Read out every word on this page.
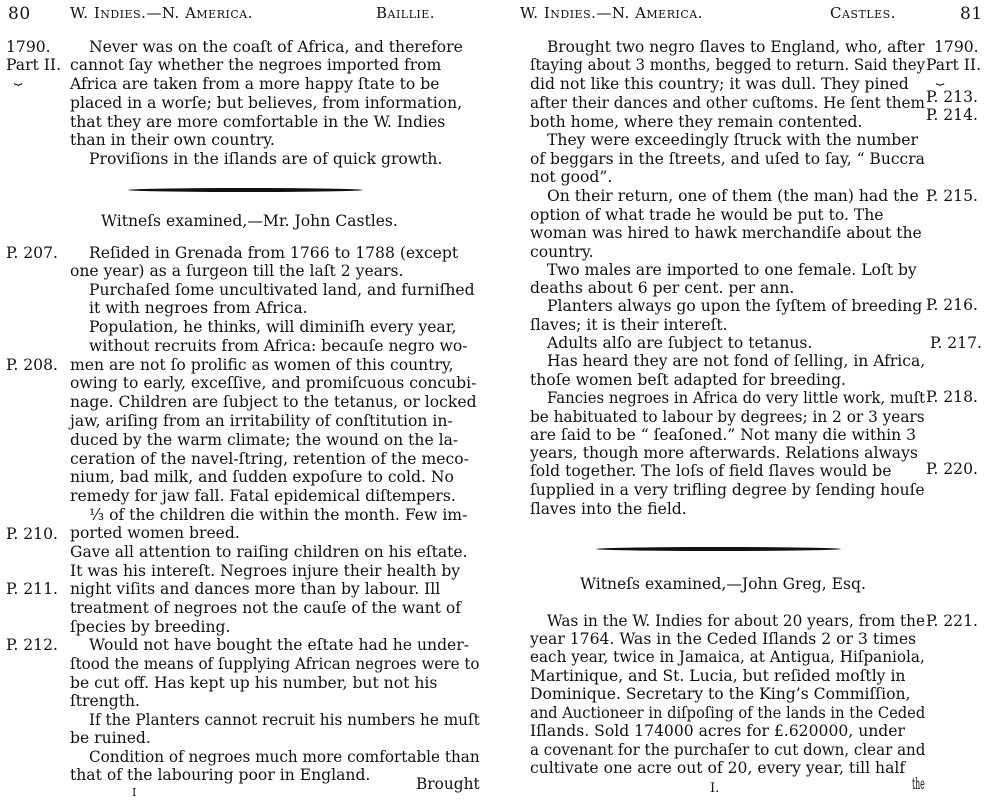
80	W. Indies.—N. America.	Baillie.
1790.
Part II.
⏟
Never was on the coaſt of Africa, and therefore
cannot ſay whether the negroes imported from
Africa are taken from a more happy ſtate to be
placed in a worſe; but believes, from information,
that they are more comfortable in the W. Indies
than in their own country.
Proviſions in the iſlands are of quick growth.
Witneſs examined,—Mr. John Castles.
P. 207.
P. 208.
P. 210.
P. 211.
P. 212.
Reſided in Grenada from 1766 to 1788 (except
one year) as a ſurgeon till the laſt 2 years.
Purchaſed ſome uncultivated land, and furniſhed
it with negroes from Africa.
Population, he thinks, will diminiſh every year,
without recruits from Africa: becauſe negro wo-
men are not ſo prolific as women of this country,
owing to early, exceſſive, and promiſcuous concubi-
nage. Children are ſubject to the tetanus, or locked
jaw, ariſing from an irritability of conſtitution in-
duced by the warm climate; the wound on the la-
ceration of the navel-ſtring, retention of the meco-
nium, bad milk, and ſudden expoſure to cold. No
remedy for jaw fall. Fatal epidemical diſtempers.
⅓ of the children die within the month. Few im-
ported women breed.
Gave all attention to raiſing children on his eſtate.
It was his intereſt. Negroes injure their health by
night viſits and dances more than by labour. Ill
treatment of negroes not the cauſe of the want of
ſpecies by breeding.
Would not have bought the eſtate had he under-
ſtood the means of ſupplying African negroes were to
be cut off. Has kept up his number, but not his
ſtrength.
If the Planters cannot recruit his numbers he muſt
be ruined.
Condition of negroes much more comfortable than
that of the labouring poor in England.
I	Brought
W. Indies.—N. America.	Castles.	81
1790.
Part II.
⏟
P. 213.
P. 214.
P. 215.
P. 216.
P. 217.
P. 218.
P. 220.
P. 221.
Brought two negro ſlaves to England, who, after
ſtaying about 3 months, begged to return. Said they
did not like this country; it was dull. They pined
after their dances and other cuſtoms. He ſent them
both home, where they remain contented.
They were exceedingly ſtruck with the number
of beggars in the ſtreets, and uſed to ſay, “ Buccra
not good”.
On their return, one of them (the man) had the
option of what trade he would be put to. The
woman was hired to hawk merchandiſe about the
country.
Two males are imported to one female. Loſt by
deaths about 6 per cent. per ann.
Planters always go upon the ſyſtem of breeding
ſlaves; it is their intereſt.
Adults alſo are ſubject to tetanus.
Has heard they are not fond of ſelling, in Africa,
thoſe women beſt adapted for breeding.
Fancies negroes in Africa do very little work, muſt
be habituated to labour by degrees; in 2 or 3 years
are ſaid to be “ ſeaſoned.” Not many die within 3
years, though more afterwards. Relations always
ſold together. The loſs of field ſlaves would be
ſupplied in a very trifling degree by ſending houſe
ſlaves into the field.
Witneſs examined,—John Greg, Esq.
Was in the W. Indies for about 20 years, from the
year 1764. Was in the Ceded Iſlands 2 or 3 times
each year, twice in Jamaica, at Antigua, Hiſpaniola,
Martinique, and St. Lucia, but reſided moſtly in
Dominique. Secretary to the King’s Commiſſion,
and Auctioneer in diſpoſing of the lands in the Ceded
Iſlands. Sold 174000 acres for £.620000, under
a covenant for the purchaſer to cut down, clear and
cultivate one acre out of 20, every year, till half
I.	the
